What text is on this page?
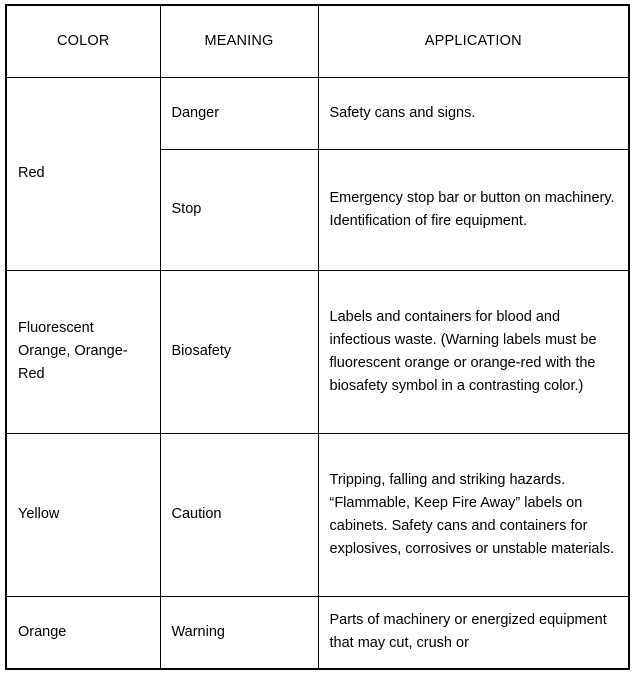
COLOR	MEANING	APPLICATION
Red	Danger	Safety cans and signs.
	Stop	Emergency stop bar or button on machinery. Identification of fire equipment.
Fluorescent Orange, Orange-Red	Biosafety	Labels and containers for blood and infectious waste. (Warning labels must be fluorescent orange or orange-red with the biosafety symbol in a contrasting color.)
Yellow	Caution	Tripping, falling and striking hazards. “Flammable, Keep Fire Away” labels on cabinets. Safety cans and containers for explosives, corrosives or unstable materials.
Orange	Warning	Parts of machinery or energized equipment that may cut, crush or
